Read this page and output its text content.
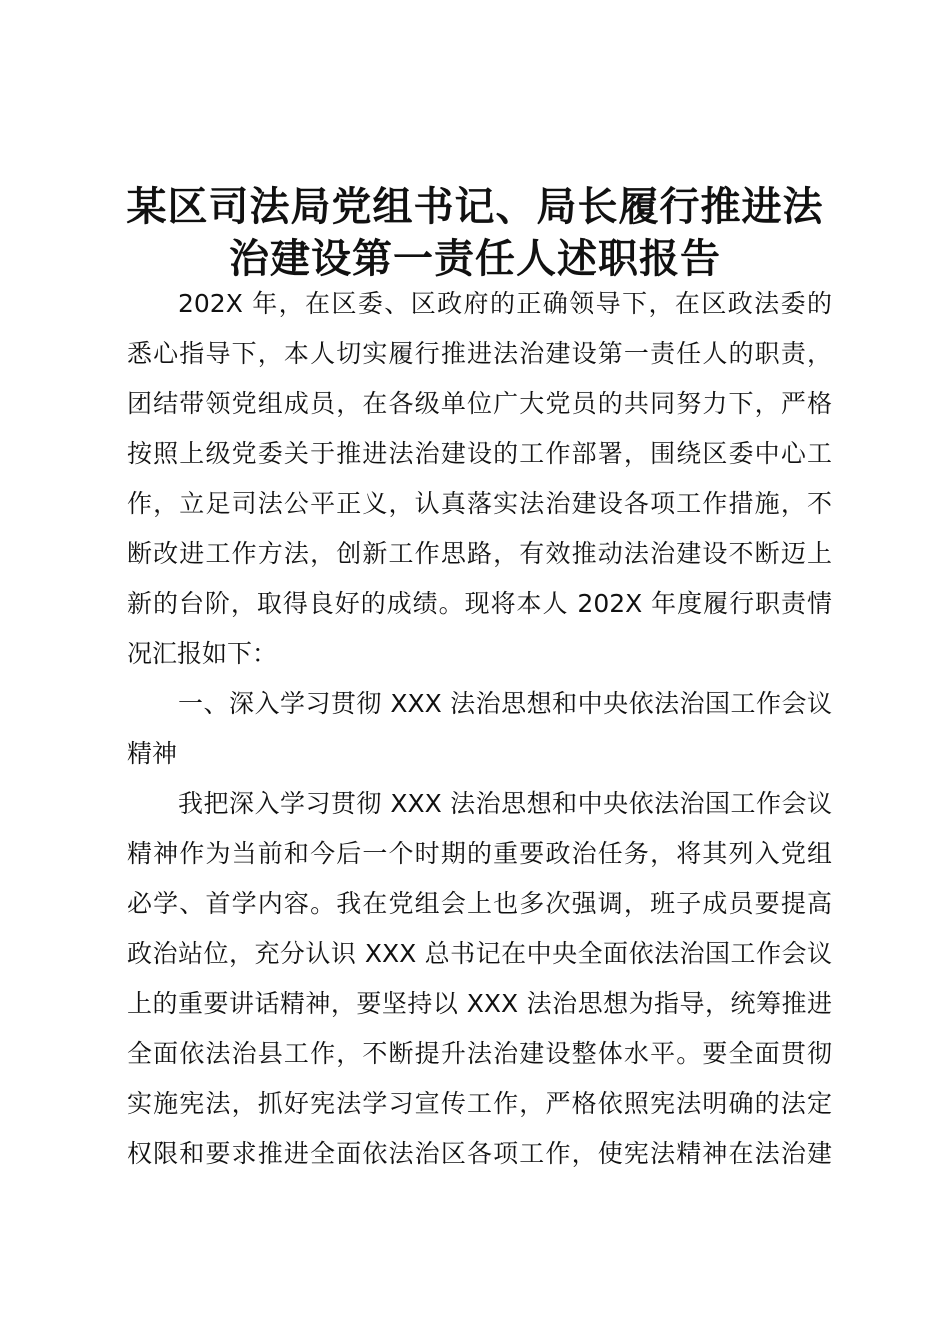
某区司法局党组书记、局长履行推进法
治建设第一责任人述职报告
202X 年，在区委、区政府的正确领导下，在区政法委的
悉心指导下，本人切实履行推进法治建设第一责任人的职责，
团结带领党组成员，在各级单位广大党员的共同努力下，严格
按照上级党委关于推进法治建设的工作部署，围绕区委中心工
作，立足司法公平正义，认真落实法治建设各项工作措施，不
断改进工作方法，创新工作思路，有效推动法治建设不断迈上
新的台阶，取得良好的成绩。现将本人 202X 年度履行职责情
况汇报如下：
一、深入学习贯彻 XXX 法治思想和中央依法治国工作会议
精神
我把深入学习贯彻 XXX 法治思想和中央依法治国工作会议
精神作为当前和今后一个时期的重要政治任务，将其列入党组
必学、首学内容。我在党组会上也多次强调，班子成员要提高
政治站位，充分认识 XXX 总书记在中央全面依法治国工作会议
上的重要讲话精神，要坚持以 XXX 法治思想为指导，统筹推进
全面依法治县工作，不断提升法治建设整体水平。要全面贯彻
实施宪法，抓好宪法学习宣传工作，严格依照宪法明确的法定
权限和要求推进全面依法治区各项工作，使宪法精神在法治建
